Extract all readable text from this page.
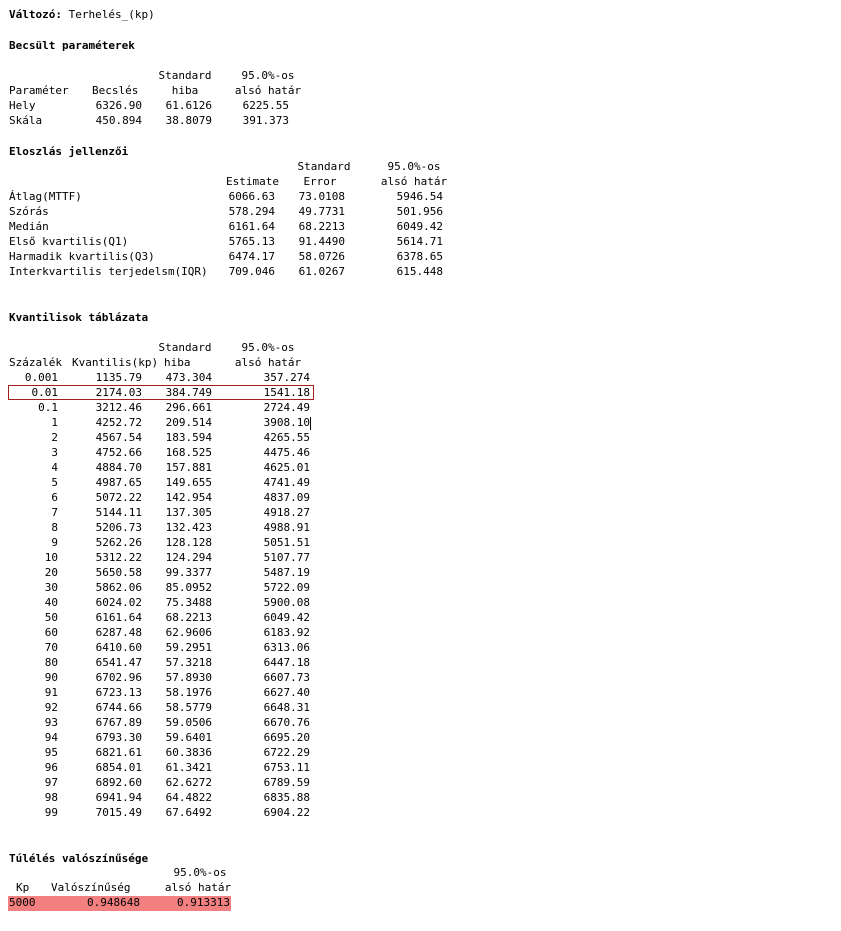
Változó: Terhelés_(kp)
Becsült paraméterek
Standard	95.0%-os
Paraméter Becslés	hiba	alsó határ
Hely	6326.90	61.6126	6225.55
Skála	450.894	38.8079	391.373
Eloszlás jellenzői
Standard	95.0%-os
Estimate	Error	alsó határ
Átlag(MTTF)	6066.63	73.0108	5946.54
Szórás	578.294	49.7731	501.956
Medián	6161.64	68.2213	6049.42
Első kvartilis(Q1)	5765.13	91.4490	5614.71
Harmadik kvartilis(Q3)	6474.17	58.0726	6378.65
Interkvartilis terjedelsm(IQR)	709.046	61.0267	615.448
Kvantilisok táblázata
Standard	95.0%-os
Százalék Kvantilis(kp) hiba	alsó határ
0.001	1135.79	473.304	357.274
0.01	2174.03	384.749	1541.18
0.1	3212.46	296.661	2724.49
1	4252.72	209.514	3908.10
2	4567.54	183.594	4265.55
3	4752.66	168.525	4475.46
4	4884.70	157.881	4625.01
5	4987.65	149.655	4741.49
6	5072.22	142.954	4837.09
7	5144.11	137.305	4918.27
8	5206.73	132.423	4988.91
9	5262.26	128.128	5051.51
10	5312.22	124.294	5107.77
20	5650.58	99.3377	5487.19
30	5862.06	85.0952	5722.09
40	6024.02	75.3488	5900.08
50	6161.64	68.2213	6049.42
60	6287.48	62.9606	6183.92
70	6410.60	59.2951	6313.06
80	6541.47	57.3218	6447.18
90	6702.96	57.8930	6607.73
91	6723.13	58.1976	6627.40
92	6744.66	58.5779	6648.31
93	6767.89	59.0506	6670.76
94	6793.30	59.6401	6695.20
95	6821.61	60.3836	6722.29
96	6854.01	61.3421	6753.11
97	6892.60	62.6272	6789.59
98	6941.94	64.4822	6835.88
99	7015.49	67.6492	6904.22
Túlélés valószínűsége
95.0%-os
Kp Valószínűség	alsó határ
5000	0.948648	0.913313
